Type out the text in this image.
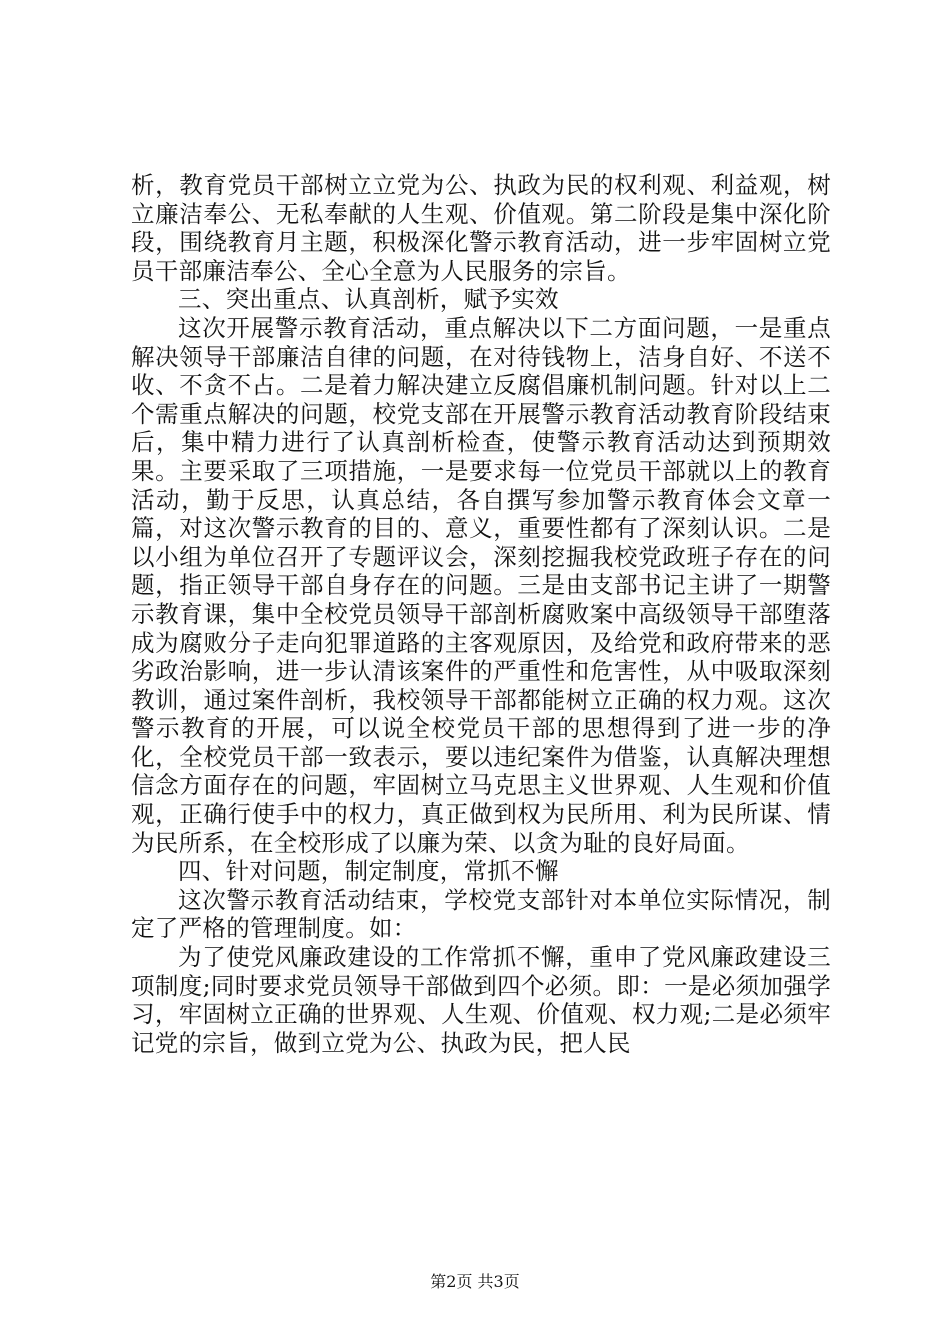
析，教育党员干部树立立党为公、执政为民的权利观、利益观，树立廉洁奉公、无私奉献的人生观、价值观。第二阶段是集中深化阶段，围绕教育月主题，积极深化警示教育活动，进一步牢固树立党员干部廉洁奉公、全心全意为人民服务的宗旨。

三、突出重点、认真剖析，赋予实效

这次开展警示教育活动，重点解决以下二方面问题，一是重点解决领导干部廉洁自律的问题，在对待钱物上，洁身自好、不送不收、不贪不占。二是着力解决建立反腐倡廉机制问题。针对以上二个需重点解决的问题，校党支部在开展警示教育活动教育阶段结束后，集中精力进行了认真剖析检查，使警示教育活动达到预期效果。主要采取了三项措施，一是要求每一位党员干部就以上的教育活动，勤于反思，认真总结，各自撰写参加警示教育体会文章一篇，对这次警示教育的目的、意义，重要性都有了深刻认识。二是以小组为单位召开了专题评议会，深刻挖掘我校党政班子存在的问题，指正领导干部自身存在的问题。三是由支部书记主讲了一期警示教育课，集中全校党员领导干部剖析腐败案中高级领导干部堕落成为腐败分子走向犯罪道路的主客观原因，及给党和政府带来的恶劣政治影响，进一步认清该案件的严重性和危害性，从中吸取深刻教训，通过案件剖析，我校领导干部都能树立正确的权力观。这次警示教育的开展，可以说全校党员干部的思想得到了进一步的净化，全校党员干部一致表示，要以违纪案件为借鉴，认真解决理想信念方面存在的问题，牢固树立马克思主义世界观、人生观和价值观，正确行使手中的权力，真正做到权为民所用、利为民所谋、情为民所系，在全校形成了以廉为荣、以贪为耻的良好局面。

四、针对问题，制定制度，常抓不懈

这次警示教育活动结束，学校党支部针对本单位实际情况，制定了严格的管理制度。如：

为了使党风廉政建设的工作常抓不懈，重申了党风廉政建设三项制度;同时要求党员领导干部做到四个必须。即：一是必须加强学习，牢固树立正确的世界观、人生观、价值观、权力观;二是必须牢记党的宗旨，做到立党为公、执政为民，把人民

第2页 共3页
